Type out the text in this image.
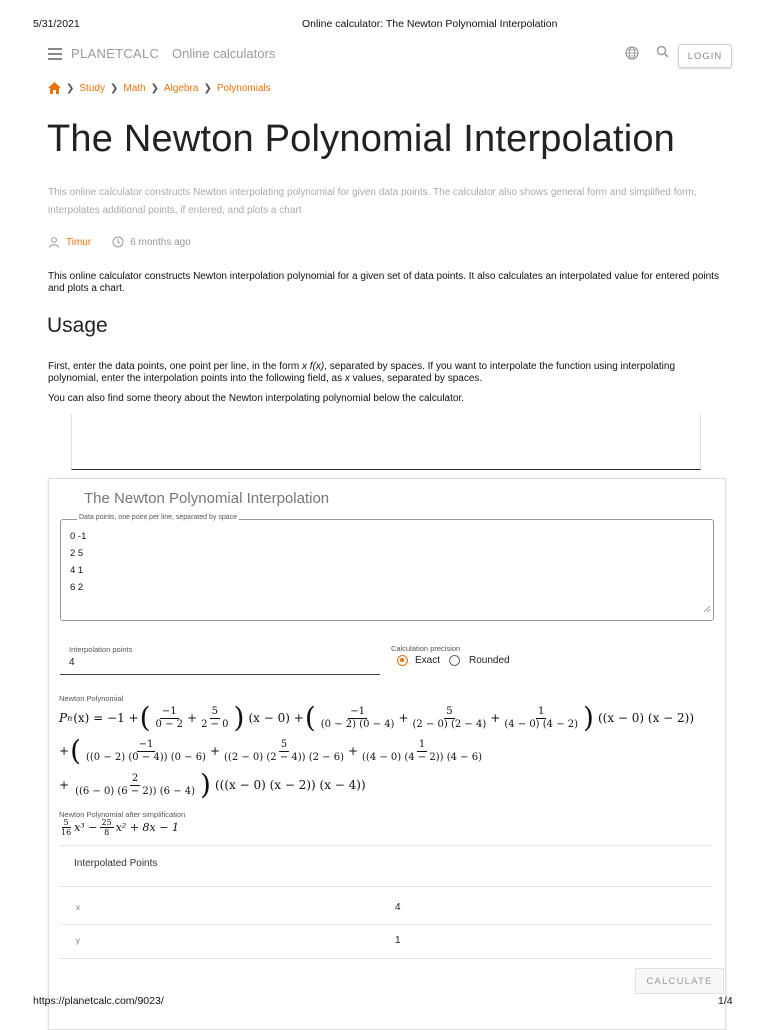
5/31/2021	Online calculator: The Newton Polynomial Interpolation
PLANETCALC Online calculators	LOGIN
❯ Study ❯ Math ❯ Algebra ❯ Polynomials
The Newton Polynomial Interpolation
This online calculator constructs Newton interpolating polynomial for given data points. The calculator also shows general form and simplified form, interpolates additional points, if entered, and plots a chart
Timur	6 months ago
This online calculator constructs Newton interpolation polynomial for a given set of data points. It also calculates an interpolated value for entered points and plots a chart.
Usage
First, enter the data points, one point per line, in the form x f(x), separated by spaces. If you want to interpolate the function using interpolating polynomial, enter the interpolation points into the following field, as x values, separated by spaces.
You can also find some theory about the Newton interpolating polynomial below the calculator.
The Newton Polynomial Interpolation
Data points, one point per line, separated by space
0 -1
2 5
4 1
6 2
Interpolation points
4
Calculation precision
Exact	Rounded
Newton Polynomial
P n (x) = −1 + ( $\frac{-1}{0 - 2} + \frac{5}{2 - 0}$ ) (x − 0) + ( $\frac{-1}{(0 - 2) (0 - 4)} + \frac{5}{(2 - 0) (2 - 4)} + \frac{1}{(4 - 0) (4 - 2)}$ ) ((x − 0) (x − 2))
+ ( $\frac{-1}{((0 - 2) (0 - 4)) (0 - 6)} + \frac{5}{((2 - 0) (2 - 4)) (2 - 6)} + \frac{1}{((4 - 0) (4 - 2)) (4 - 6)}$
+ $\frac{2}{((6 - 0) (6 - 2)) (6 - 4)}$ ) (((x − 0) (x − 2)) (x − 4))
Newton Polynomial after simplification
$\frac{5}{16} x^3 - \frac{25}{8} x^2 + 8x - 1$
Interpolated Points
x	4
y	1
CALCULATE
https://planetcalc.com/9023/	1/4
